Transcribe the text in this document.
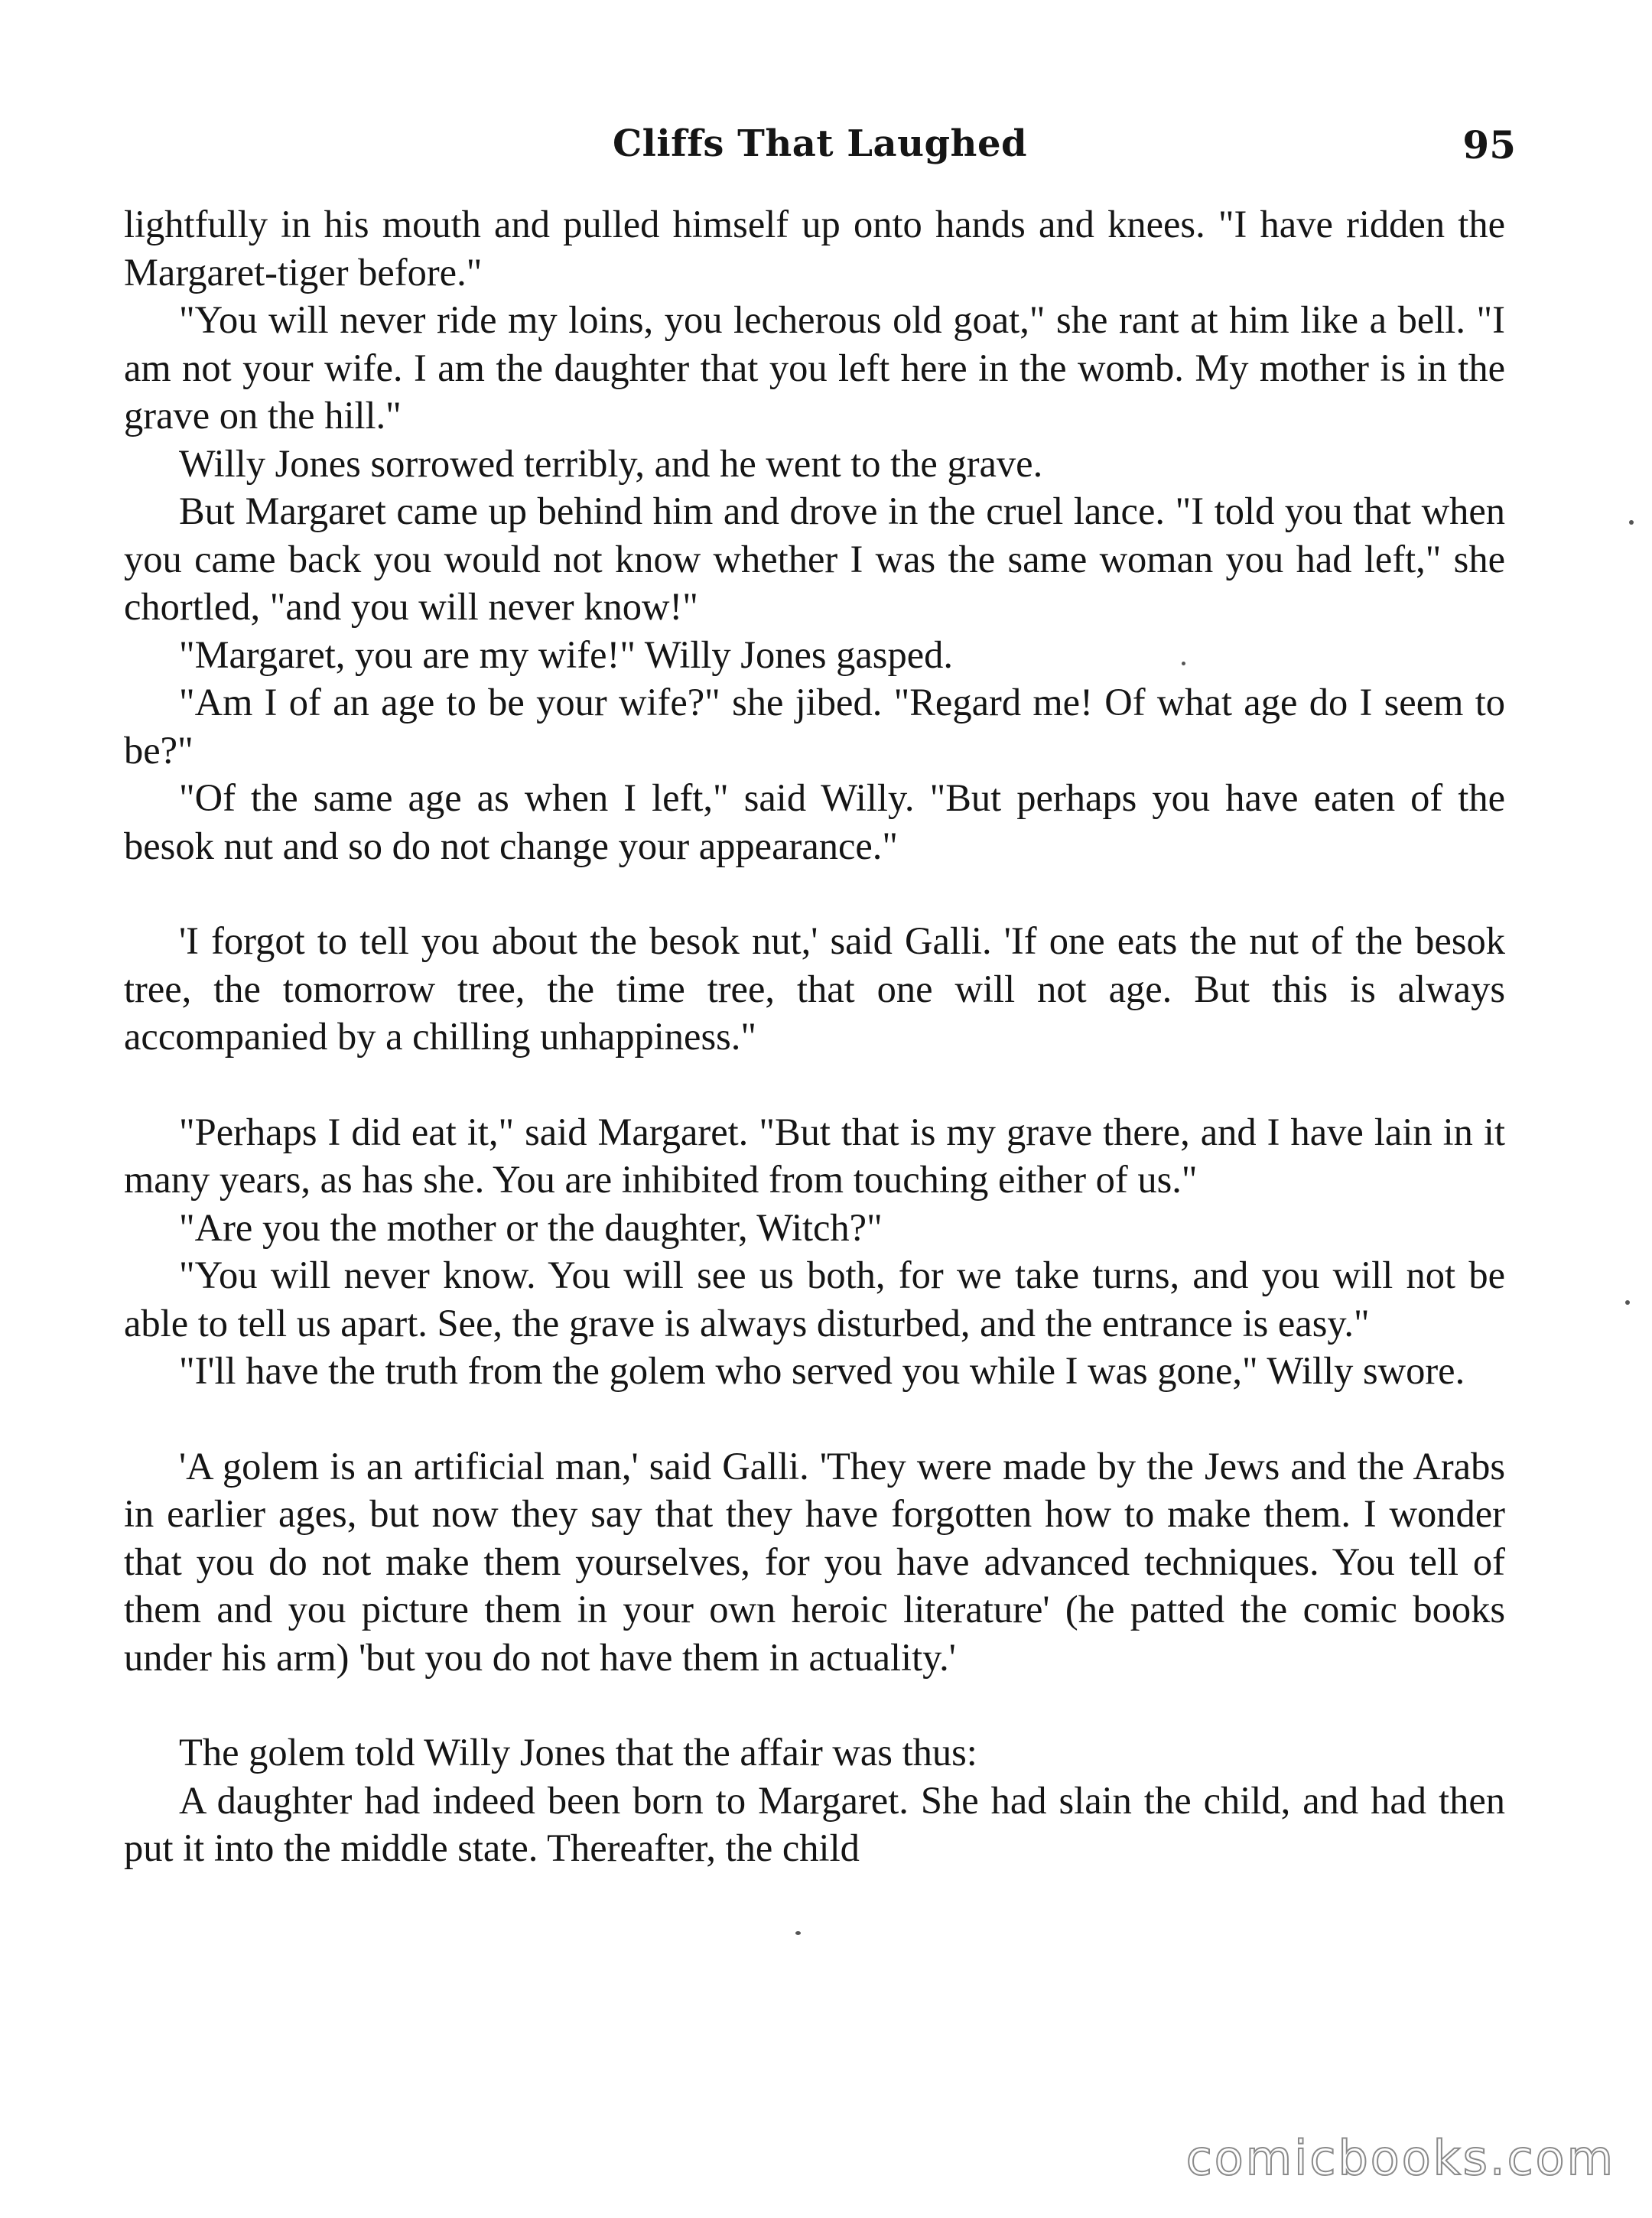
Cliffs That Laughed	95

lightfully in his mouth and pulled himself up onto hands and knees. "I have ridden the Margaret-tiger before."

"You will never ride my loins, you lecherous old goat," she rant at him like a bell. "I am not your wife. I am the daughter that you left here in the womb. My mother is in the grave on the hill."

Willy Jones sorrowed terribly, and he went to the grave.

But Margaret came up behind him and drove in the cruel lance. "I told you that when you came back you would not know whether I was the same woman you had left," she chortled, "and you will never know!"

"Margaret, you are my wife!" Willy Jones gasped.

"Am I of an age to be your wife?" she jibed. "Regard me! Of what age do I seem to be?"

"Of the same age as when I left," said Willy. "But perhaps you have eaten of the besok nut and so do not change your appearance."

'I forgot to tell you about the besok nut,' said Galli. 'If one eats the nut of the besok tree, the tomorrow tree, the time tree, that one will not age. But this is always accompanied by a chilling unhappiness."

"Perhaps I did eat it," said Margaret. "But that is my grave there, and I have lain in it many years, as has she. You are inhibited from touching either of us."

"Are you the mother or the daughter, Witch?"

"You will never know. You will see us both, for we take turns, and you will not be able to tell us apart. See, the grave is always disturbed, and the entrance is easy."

"I'll have the truth from the golem who served you while I was gone," Willy swore.

'A golem is an artificial man,' said Galli. 'They were made by the Jews and the Arabs in earlier ages, but now they say that they have forgotten how to make them. I wonder that you do not make them yourselves, for you have advanced techniques. You tell of them and you picture them in your own heroic literature' (he patted the comic books under his arm) 'but you do not have them in actuality.'

The golem told Willy Jones that the affair was thus:

A daughter had indeed been born to Margaret. She had slain the child, and had then put it into the middle state. Thereafter, the child

comicbooks.com
